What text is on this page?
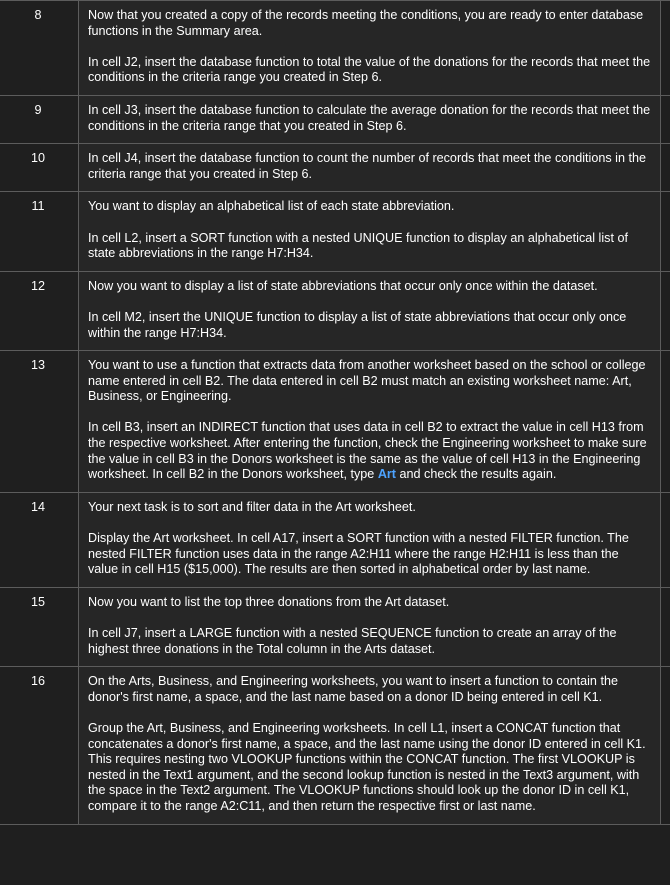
8	Now that you created a copy of the records meeting the conditions, you are ready to enter database functions in the Summary area.

In cell J2, insert the database function to total the value of the donations for the records that meet the conditions in the criteria range you created in Step 6.	

9	In cell J3, insert the database function to calculate the average donation for the records that meet the conditions in the criteria range that you created in Step 6.	

10	In cell J4, insert the database function to count the number of records that meet the conditions in the criteria range that you created in Step 6.	

11	You want to display an alphabetical list of each state abbreviation.

In cell L2, insert a SORT function with a nested UNIQUE function to display an alphabetical list of state abbreviations in the range H7:H34.	

12	Now you want to display a list of state abbreviations that occur only once within the dataset.

In cell M2, insert the UNIQUE function to display a list of state abbreviations that occur only once within the range H7:H34.	

13	You want to use a function that extracts data from another worksheet based on the school or college name entered in cell B2. The data entered in cell B2 must match an existing worksheet name: Art, Business, or Engineering.

In cell B3, insert an INDIRECT function that uses data in cell B2 to extract the value in cell H13 from the respective worksheet. After entering the function, check the Engineering worksheet to make sure the value in cell B3 in the Donors worksheet is the same as the value of cell H13 in the Engineering worksheet. In cell B2 in the Donors worksheet, type Art and check the results again.	

14	Your next task is to sort and filter data in the Art worksheet.

Display the Art worksheet. In cell A17, insert a SORT function with a nested FILTER function. The nested FILTER function uses data in the range A2:H11 where the range H2:H11 is less than the value in cell H15 ($15,000). The results are then sorted in alphabetical order by last name.	

15	Now you want to list the top three donations from the Art dataset.

In cell J7, insert a LARGE function with a nested SEQUENCE function to create an array of the highest three donations in the Total column in the Arts dataset.	

16	On the Arts, Business, and Engineering worksheets, you want to insert a function to contain the donor's first name, a space, and the last name based on a donor ID being entered in cell K1.

Group the Art, Business, and Engineering worksheets. In cell L1, insert a CONCAT function that concatenates a donor's first name, a space, and the last name using the donor ID entered in cell K1. This requires nesting two VLOOKUP functions within the CONCAT function. The first VLOOKUP is nested in the Text1 argument, and the second lookup function is nested in the Text3 argument, with the space in the Text2 argument. The VLOOKUP functions should look up the donor ID in cell K1, compare it to the range A2:C11, and then return the respective first or last name.	
